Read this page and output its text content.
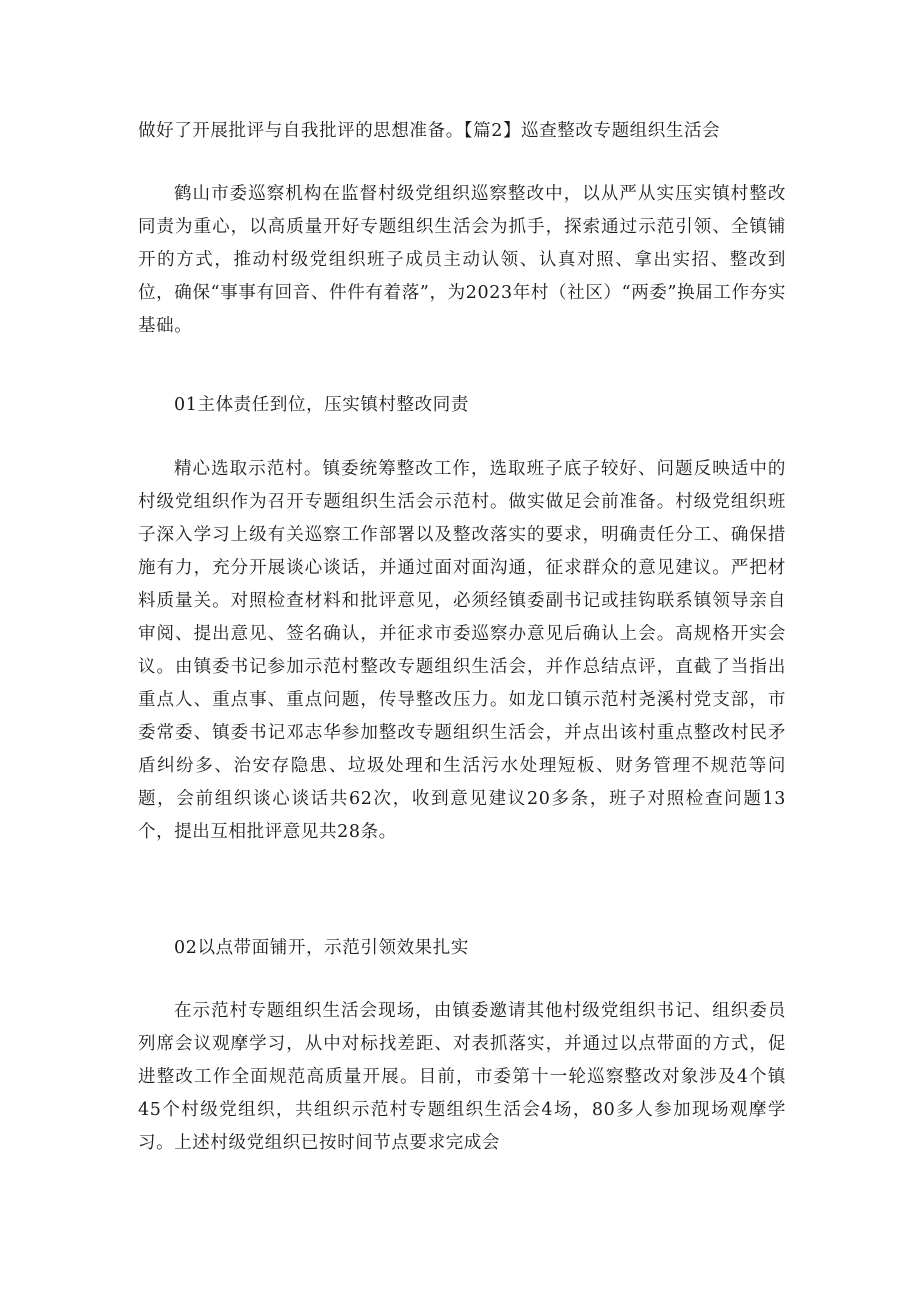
做好了开展批评与自我批评的思想准备。【篇2】巡查整改专题组织生活会

鹤山市委巡察机构在监督村级党组织巡察整改中，以从严从实压实镇村整改同责为重心，以高质量开好专题组织生活会为抓手，探索通过示范引领、全镇铺开的方式，推动村级党组织班子成员主动认领、认真对照、拿出实招、整改到位，确保“事事有回音、件件有着落”，为2023年村（社区）“两委”换届工作夯实基础。

01主体责任到位，压实镇村整改同责

精心选取示范村。镇委统筹整改工作，选取班子底子较好、问题反映适中的村级党组织作为召开专题组织生活会示范村。做实做足会前准备。村级党组织班子深入学习上级有关巡察工作部署以及整改落实的要求，明确责任分工、确保措施有力，充分开展谈心谈话，并通过面对面沟通，征求群众的意见建议。严把材料质量关。对照检查材料和批评意见，必须经镇委副书记或挂钩联系镇领导亲自审阅、提出意见、签名确认，并征求市委巡察办意见后确认上会。高规格开实会议。由镇委书记参加示范村整改专题组织生活会，并作总结点评，直截了当指出重点人、重点事、重点问题，传导整改压力。如龙口镇示范村尧溪村党支部，市委常委、镇委书记邓志华参加整改专题组织生活会，并点出该村重点整改村民矛盾纠纷多、治安存隐患、垃圾处理和生活污水处理短板、财务管理不规范等问题，会前组织谈心谈话共62次，收到意见建议20多条，班子对照检查问题13个，提出互相批评意见共28条。

02以点带面铺开，示范引领效果扎实

在示范村专题组织生活会现场，由镇委邀请其他村级党组织书记、组织委员列席会议观摩学习，从中对标找差距、对表抓落实，并通过以点带面的方式，促进整改工作全面规范高质量开展。目前，市委第十一轮巡察整改对象涉及4个镇45个村级党组织，共组织示范村专题组织生活会4场，80多人参加现场观摩学习。上述村级党组织已按时间节点要求完成会
